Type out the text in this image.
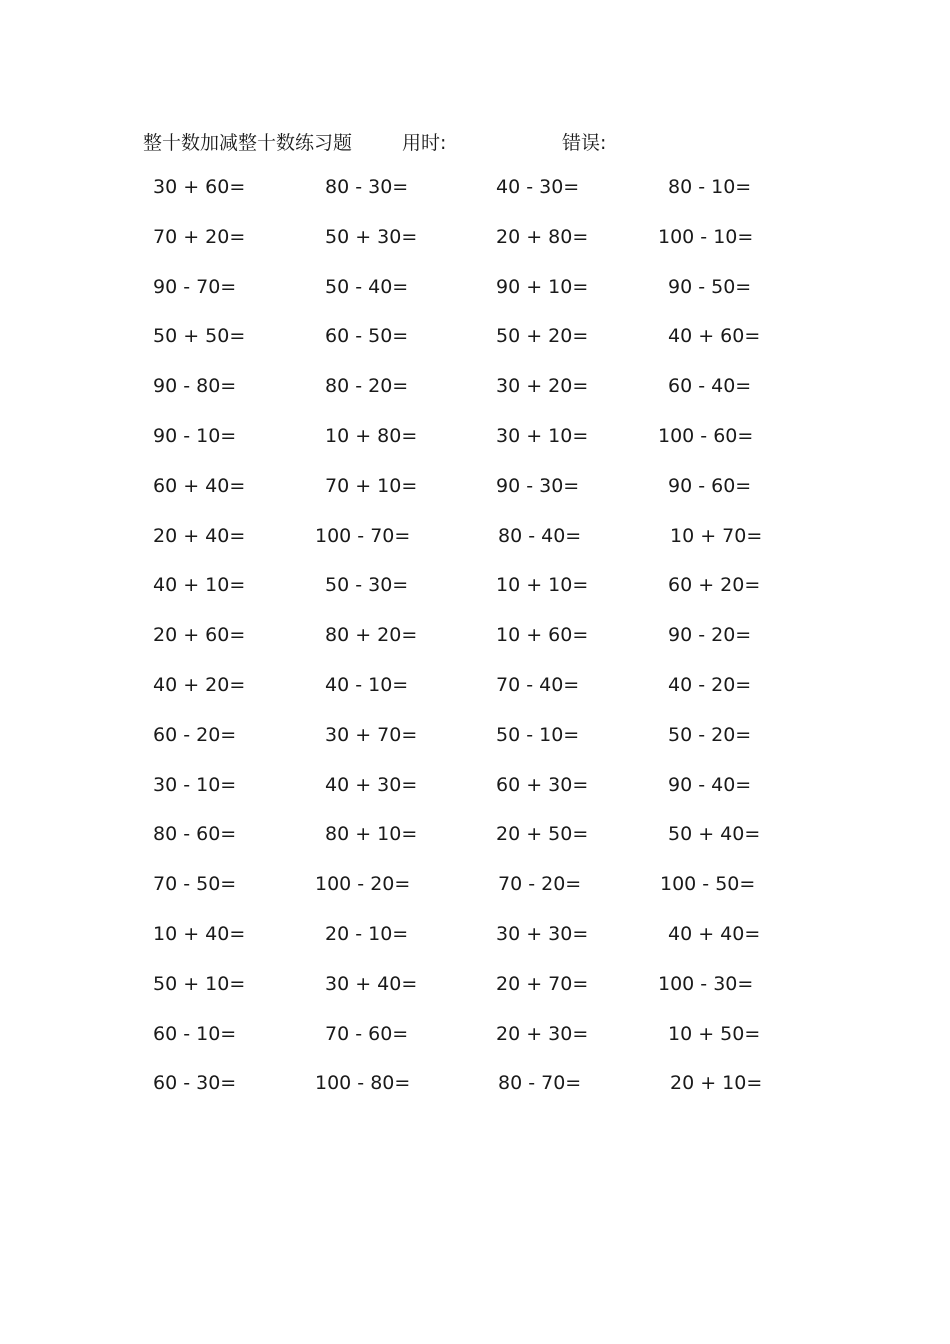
整十数加减整十数练习题	用时:	错误:
30 + 60=	80 - 30=	40 - 30=	80 - 10=
70 + 20=	50 + 30=	20 + 80=	100 - 10=
90 - 70=	50 - 40=	90 + 10=	90 - 50=
50 + 50=	60 - 50=	50 + 20=	40 + 60=
90 - 80=	80 - 20=	30 + 20=	60 - 40=
90 - 10=	10 + 80=	30 + 10=	100 - 60=
60 + 40=	70 + 10=	90 - 30=	90 - 60=
20 + 40=	100 - 70=	80 - 40=	10 + 70=
40 + 10=	50 - 30=	10 + 10=	60 + 20=
20 + 60=	80 + 20=	10 + 60=	90 - 20=
40 + 20=	40 - 10=	70 - 40=	40 - 20=
60 - 20=	30 + 70=	50 - 10=	50 - 20=
30 - 10=	40 + 30=	60 + 30=	90 - 40=
80 - 60=	80 + 10=	20 + 50=	50 + 40=
70 - 50=	100 - 20=	70 - 20=	100 - 50=
10 + 40=	20 - 10=	30 + 30=	40 + 40=
50 + 10=	30 + 40=	20 + 70=	100 - 30=
60 - 10=	70 - 60=	20 + 30=	10 + 50=
60 - 30=	100 - 80=	80 - 70=	20 + 10=
